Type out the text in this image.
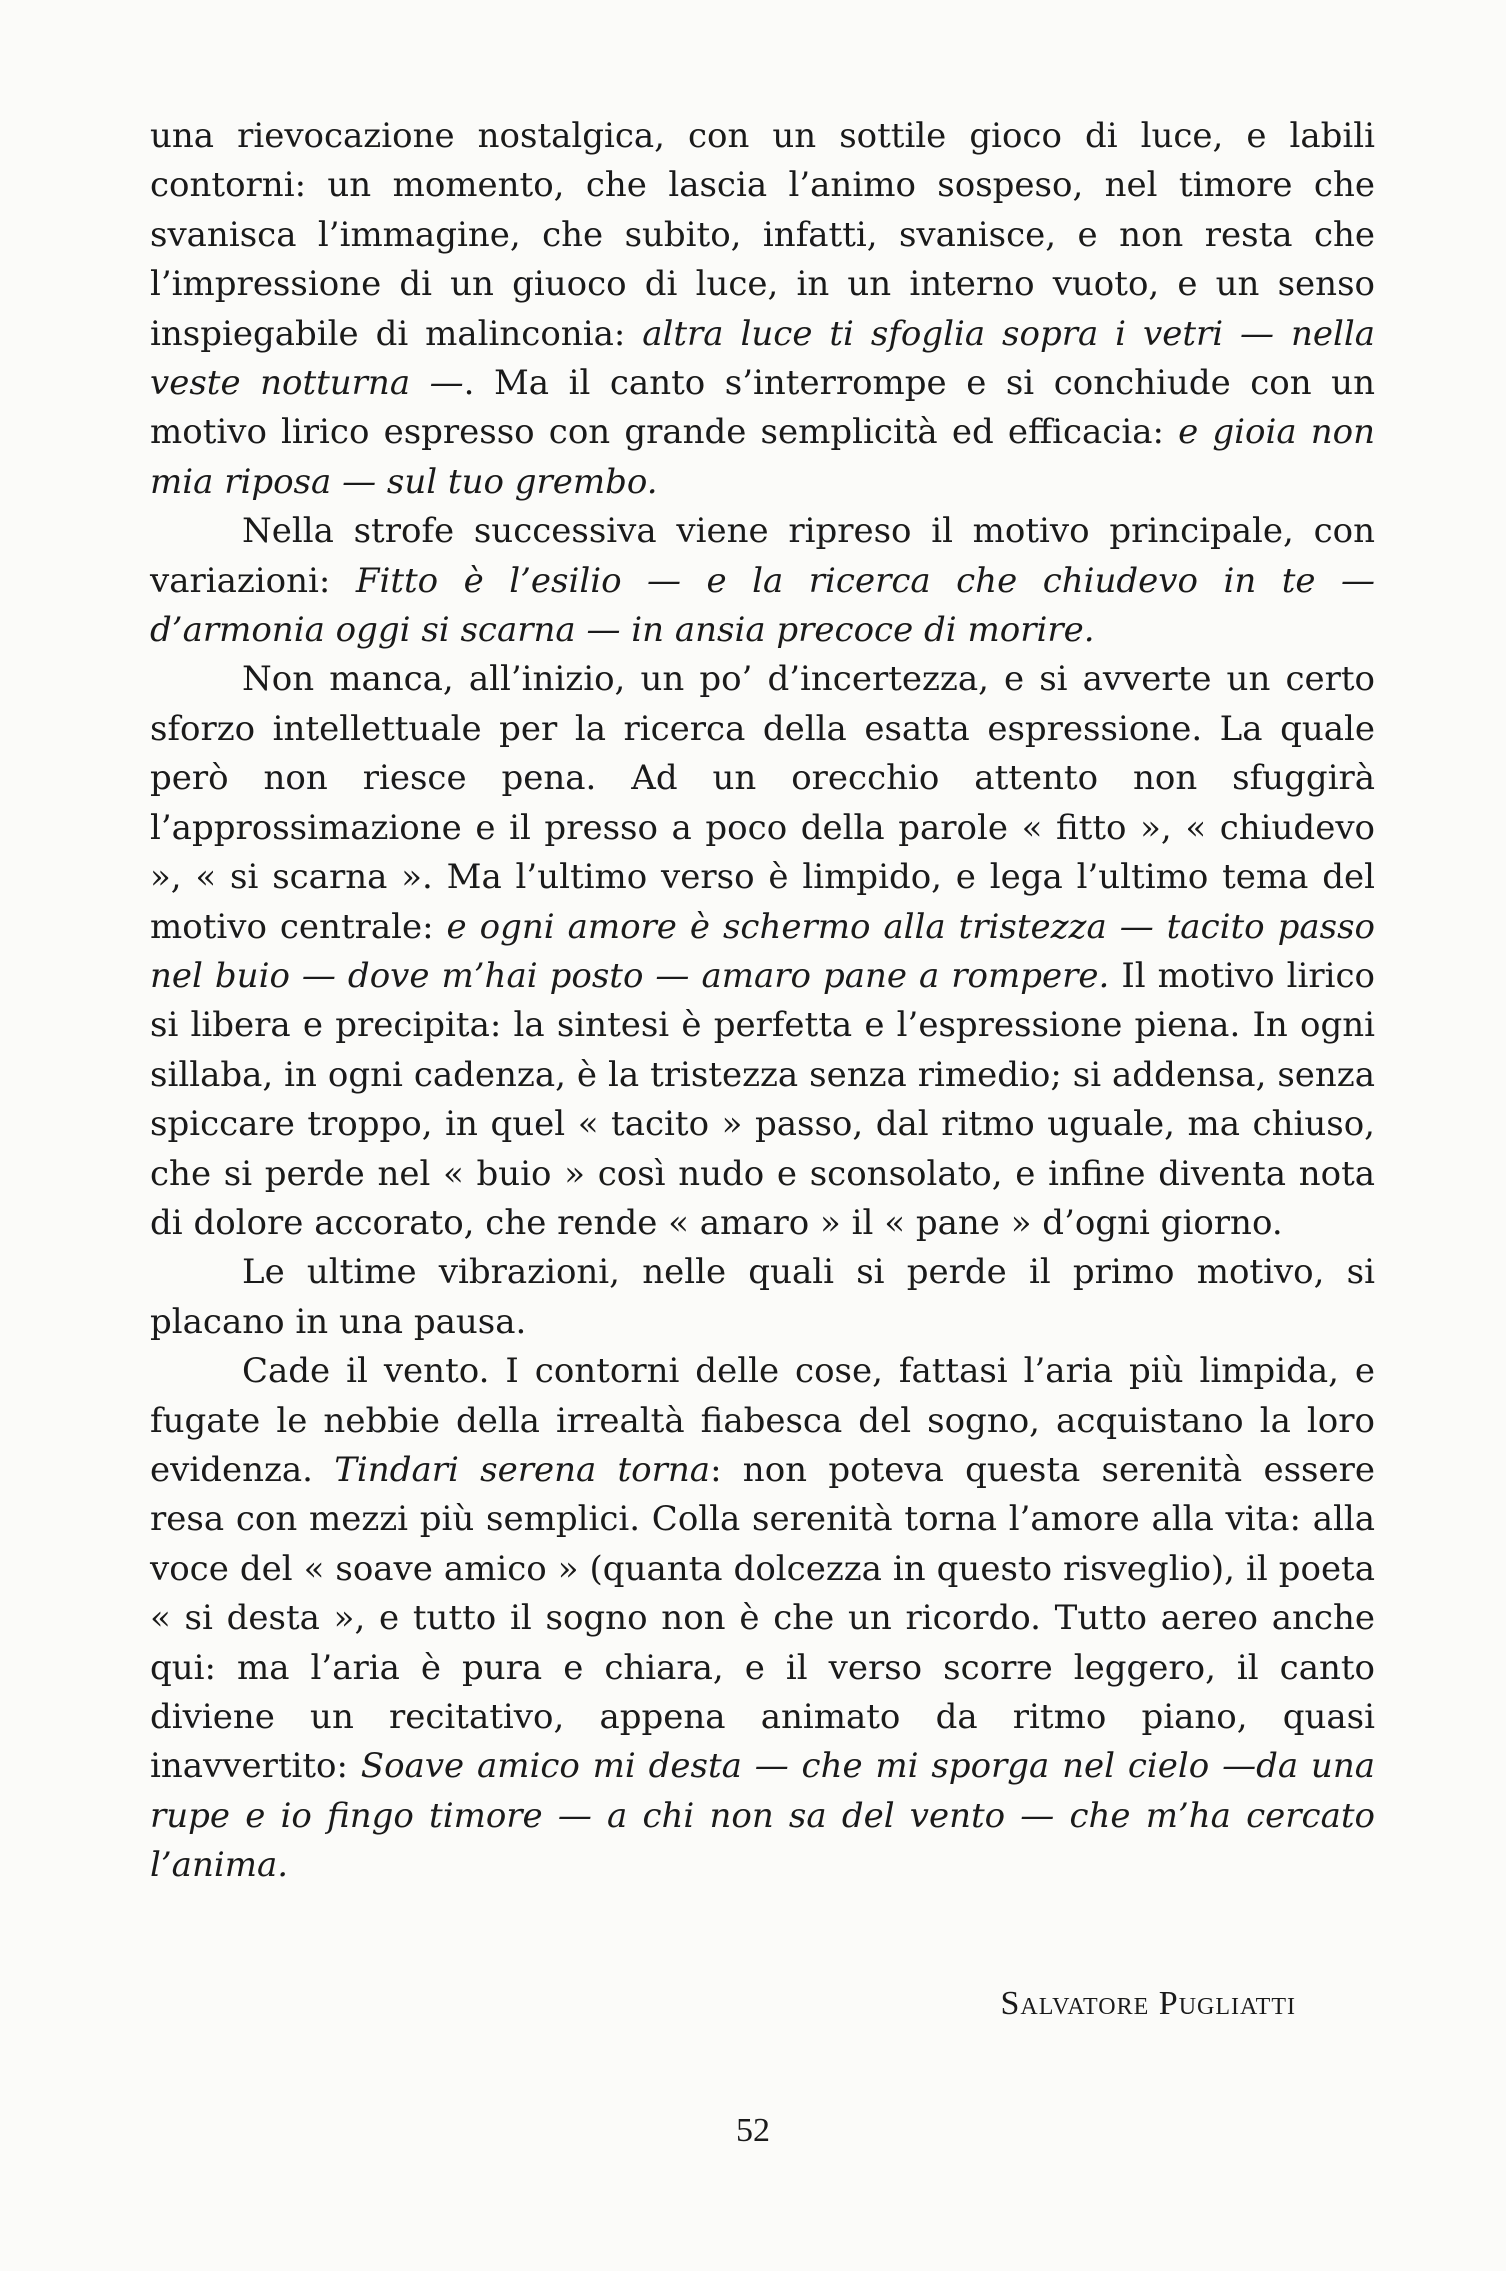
una rievocazione nostalgica, con un sottile gioco di luce, e labili contorni: un momento, che lascia l’animo sospeso, nel timore che svanisca l’immagine, che subito, infatti, svanisce, e non resta che l’impressione di un giuoco di luce, in un interno vuoto, e un senso inspiegabile di malinconia: altra luce ti sfoglia sopra i vetri — nella veste notturna —. Ma il canto s’interrompe e si conchiude con un motivo lirico espresso con grande semplicità ed efficacia: e gioia non mia riposa — sul tuo grembo.

Nella strofe successiva viene ripreso il motivo principale, con variazioni: Fitto è l’esilio — e la ricerca che chiudevo in te — d’armonia oggi si scarna — in ansia precoce di morire.

Non manca, all’inizio, un po’ d’incertezza, e si avverte un certo sforzo intellettuale per la ricerca della esatta espressione. La quale però non riesce pena. Ad un orecchio attento non sfuggirà l’approssimazione e il presso a poco della parole « fitto », « chiudevo », « si scarna ». Ma l’ultimo verso è limpido, e lega l’ultimo tema del motivo centrale: e ogni amore è schermo alla tristezza — tacito passo nel buio — dove m’hai posto — amaro pane a rompere. Il motivo lirico si libera e precipita: la sintesi è perfetta e l’espressione piena. In ogni sillaba, in ogni cadenza, è la tristezza senza rimedio; si addensa, senza spiccare troppo, in quel « tacito » passo, dal ritmo uguale, ma chiuso, che si perde nel « buio » così nudo e sconsolato, e infine diventa nota di dolore accorato, che rende « amaro » il « pane » d’ogni giorno.

Le ultime vibrazioni, nelle quali si perde il primo motivo, si placano in una pausa.

Cade il vento. I contorni delle cose, fattasi l’aria più limpida, e fugate le nebbie della irrealtà fiabesca del sogno, acquistano la loro evidenza. Tindari serena torna: non poteva questa serenità essere resa con mezzi più semplici. Colla serenità torna l’amore alla vita: alla voce del « soave amico » (quanta dolcezza in questo risveglio), il poeta « si desta », e tutto il sogno non è che un ricordo. Tutto aereo anche qui: ma l’aria è pura e chiara, e il verso scorre leggero, il canto diviene un recitativo, appena animato da ritmo piano, quasi inavvertito: Soave amico mi desta — che mi sporga nel cielo —da una rupe e io fingo timore — a chi non sa del vento — che m’ha cercato l’anima.

Salvatore Pugliatti
52
